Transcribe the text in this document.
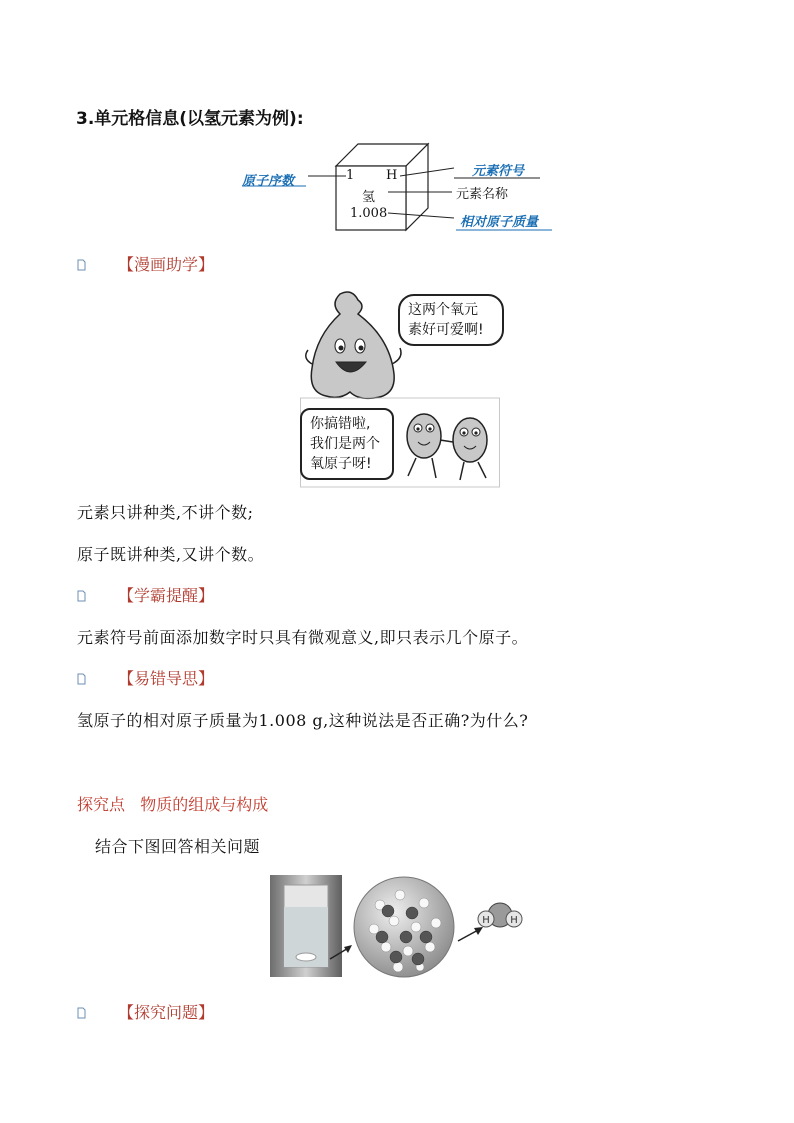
3.单元格信息(以氢元素为例):
1 H
氢
1.008
原子序数
元素符号
元素名称
相对原子质量
【漫画助学】
这两个氧元
素好可爱啊!
你搞错啦,
我们是两个
氧原子呀!
元素只讲种类,不讲个数;
原子既讲种类,又讲个数。
【学霸提醒】
元素符号前面添加数字时只具有微观意义,即只表示几个原子。
【易错导思】
氢原子的相对原子质量为1.008 g,这种说法是否正确?为什么?
探究点   物质的组成与构成
结合下图回答相关问题
H H
【探究问题】
